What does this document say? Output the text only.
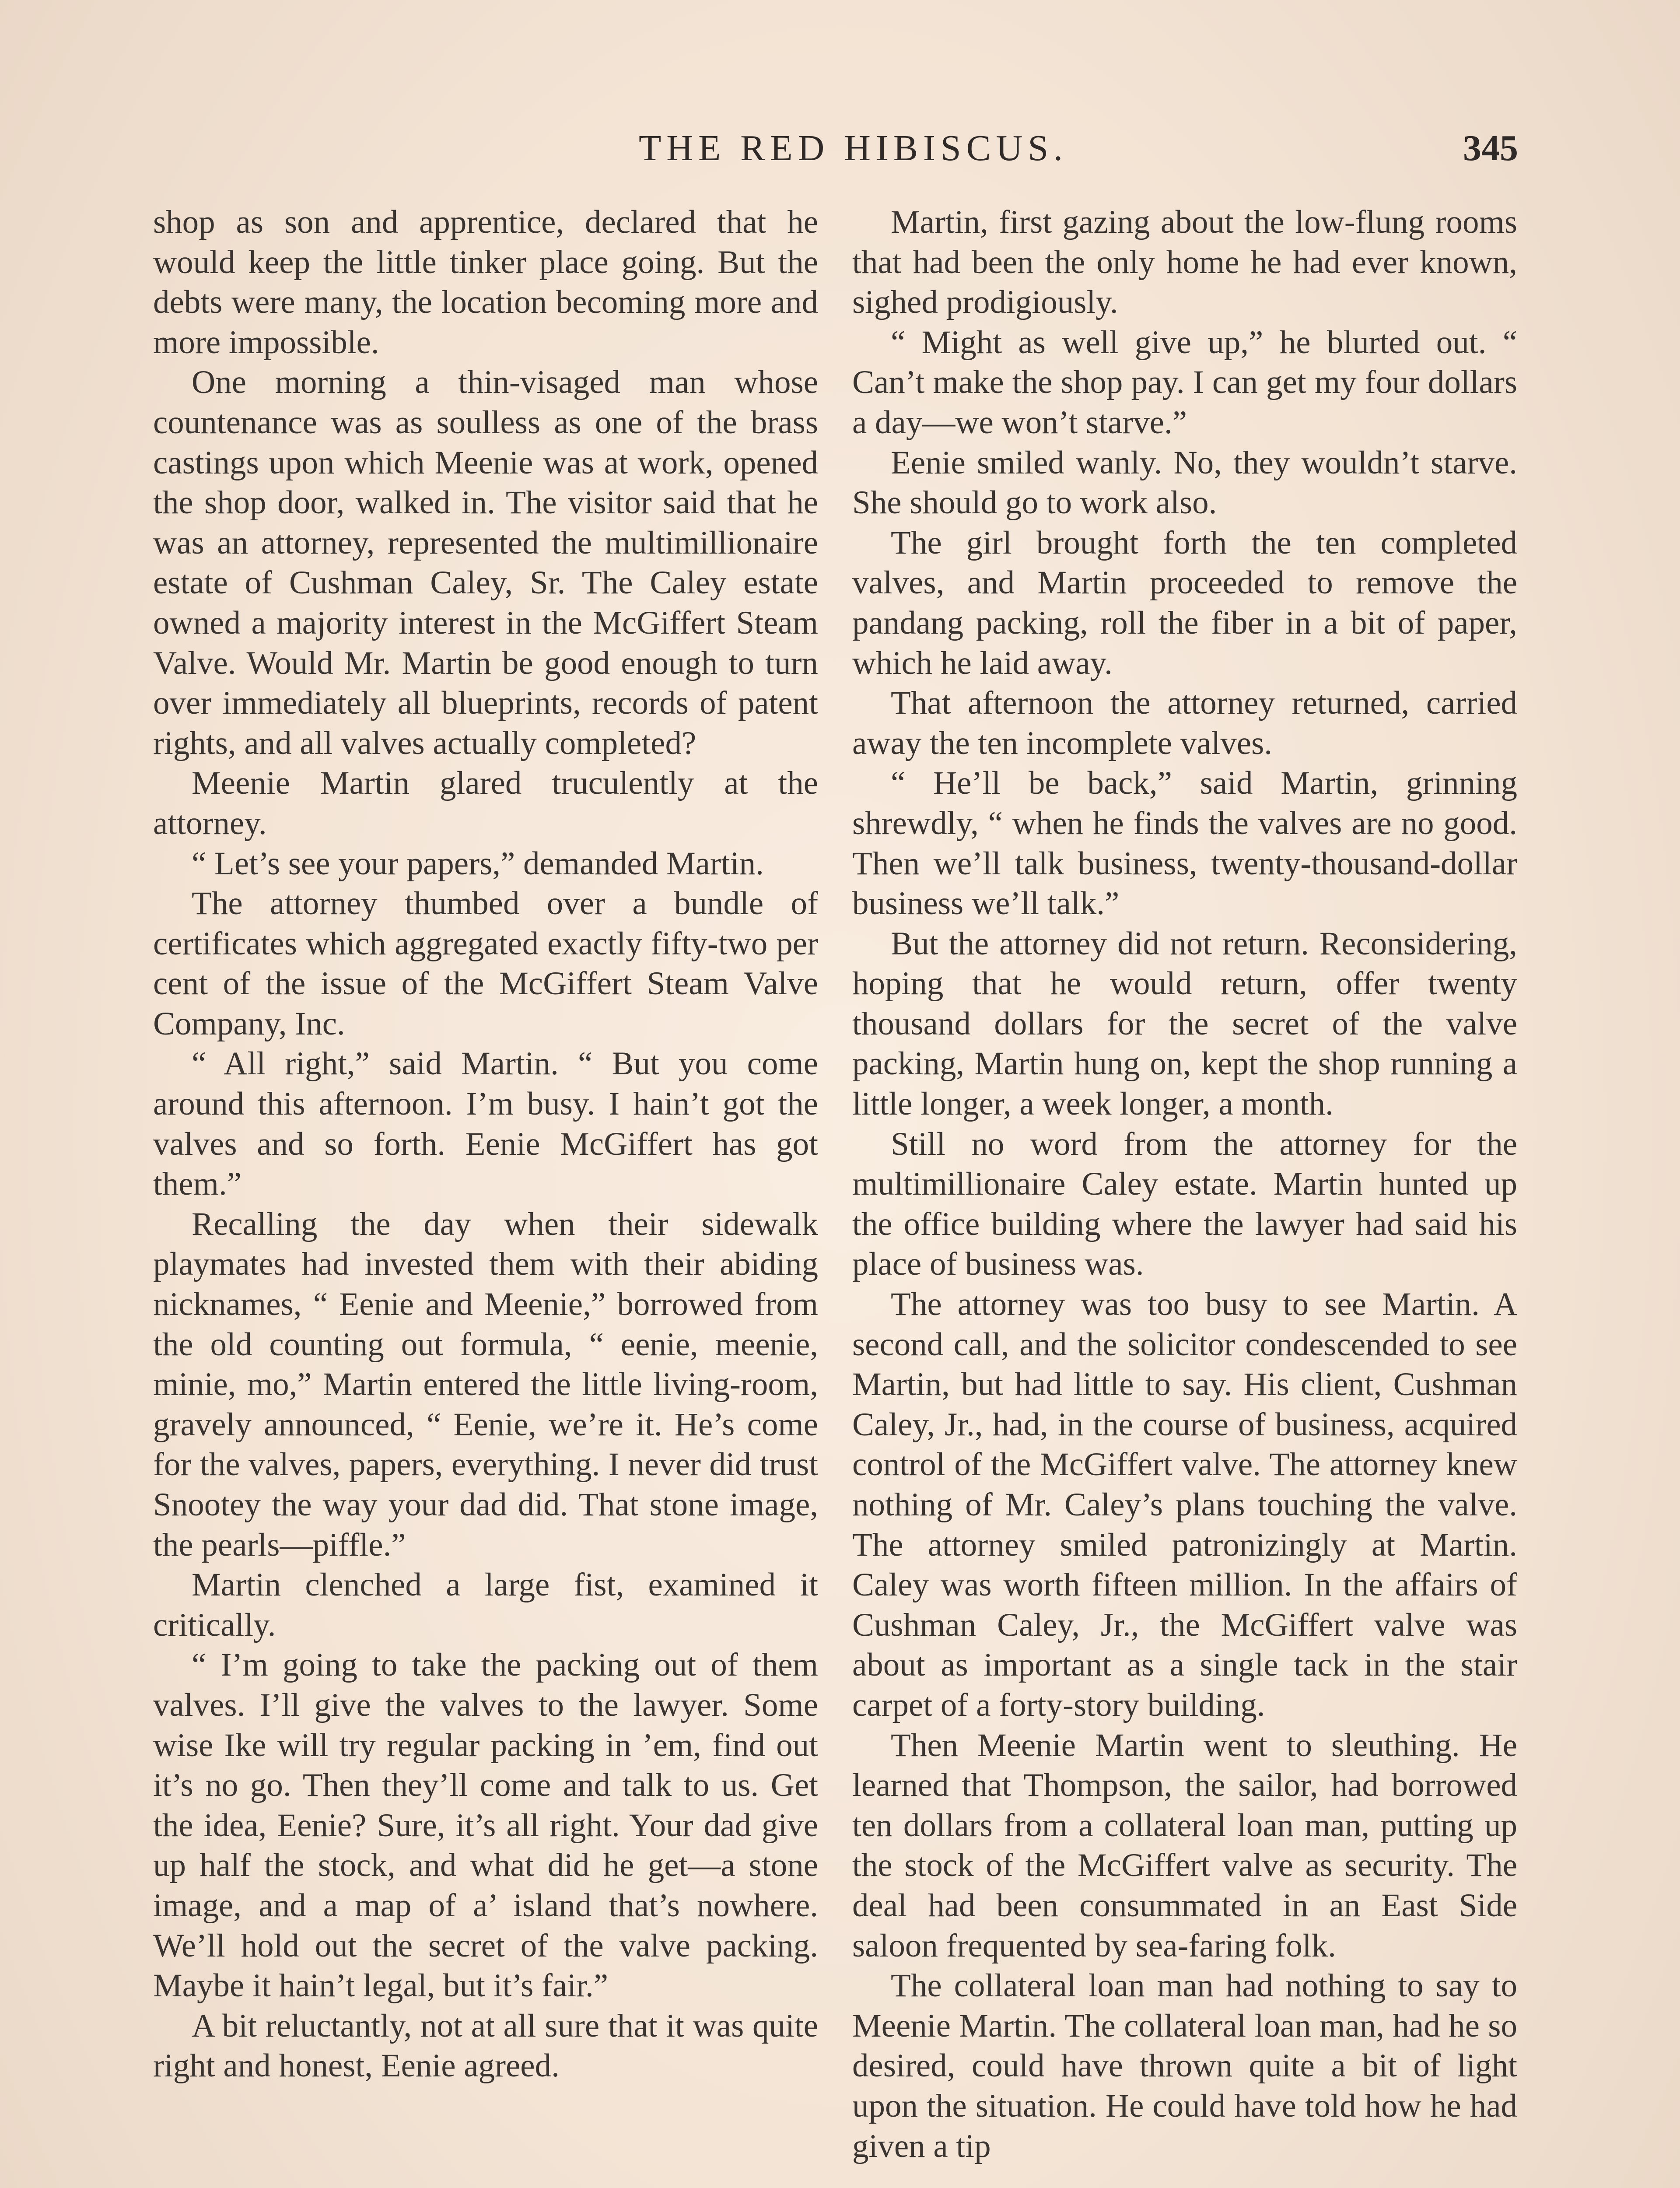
THE RED HIBISCUS.	345

shop as son and apprentice, declared that he would keep the little tinker place going. But the debts were many, the location becoming more and more impossible.

One morning a thin-visaged man whose countenance was as soulless as one of the brass castings upon which Meenie was at work, opened the shop door, walked in. The visitor said that he was an attorney, represented the multimillionaire estate of Cushman Caley, Sr. The Caley estate owned a majority interest in the McGiffert Steam Valve. Would Mr. Martin be good enough to turn over immediately all blueprints, records of patent rights, and all valves actually completed?

Meenie Martin glared truculently at the attorney.

“ Let’s see your papers,” demanded Martin.

The attorney thumbed over a bundle of certificates which aggregated exactly fifty-two per cent of the issue of the McGiffert Steam Valve Company, Inc.

“ All right,” said Martin. “ But you come around this afternoon. I’m busy. I hain’t got the valves and so forth. Eenie McGiffert has got them.”

Recalling the day when their sidewalk playmates had invested them with their abiding nicknames, “ Eenie and Meenie,” borrowed from the old counting out formula, “ eenie, meenie, minie, mo,” Martin entered the little living-room, gravely announced, “ Eenie, we’re it. He’s come for the valves, papers, everything. I never did trust Snootey the way your dad did. That stone image, the pearls—piffle.”

Martin clenched a large fist, examined it critically.

“ I’m going to take the packing out of them valves. I’ll give the valves to the lawyer. Some wise Ike will try regular packing in ’em, find out it’s no go. Then they’ll come and talk to us. Get the idea, Eenie? Sure, it’s all right. Your dad give up half the stock, and what did he get—a stone image, and a map of a’ island that’s nowhere. We’ll hold out the secret of the valve packing. Maybe it hain’t legal, but it’s fair.”

A bit reluctantly, not at all sure that it was quite right and honest, Eenie agreed.

Martin, first gazing about the low-flung rooms that had been the only home he had ever known, sighed prodigiously.

“ Might as well give up,” he blurted out. “ Can’t make the shop pay. I can get my four dollars a day—we won’t starve.”

Eenie smiled wanly. No, they wouldn’t starve. She should go to work also.

The girl brought forth the ten completed valves, and Martin proceeded to remove the pandang packing, roll the fiber in a bit of paper, which he laid away.

That afternoon the attorney returned, carried away the ten incomplete valves.

“ He’ll be back,” said Martin, grinning shrewdly, “ when he finds the valves are no good. Then we’ll talk business, twenty-thousand-dollar business we’ll talk.”

But the attorney did not return. Reconsidering, hoping that he would return, offer twenty thousand dollars for the secret of the valve packing, Martin hung on, kept the shop running a little longer, a week longer, a month.

Still no word from the attorney for the multimillionaire Caley estate. Martin hunted up the office building where the lawyer had said his place of business was.

The attorney was too busy to see Martin. A second call, and the solicitor condescended to see Martin, but had little to say. His client, Cushman Caley, Jr., had, in the course of business, acquired control of the McGiffert valve. The attorney knew nothing of Mr. Caley’s plans touching the valve. The attorney smiled patronizingly at Martin. Caley was worth fifteen million. In the affairs of Cushman Caley, Jr., the McGiffert valve was about as important as a single tack in the stair carpet of a forty-story building.

Then Meenie Martin went to sleuthing. He learned that Thompson, the sailor, had borrowed ten dollars from a collateral loan man, putting up the stock of the McGiffert valve as security. The deal had been consummated in an East Side saloon frequented by sea-faring folk.

The collateral loan man had nothing to say to Meenie Martin. The collateral loan man, had he so desired, could have thrown quite a bit of light upon the situation. He could have told how he had given a tip
